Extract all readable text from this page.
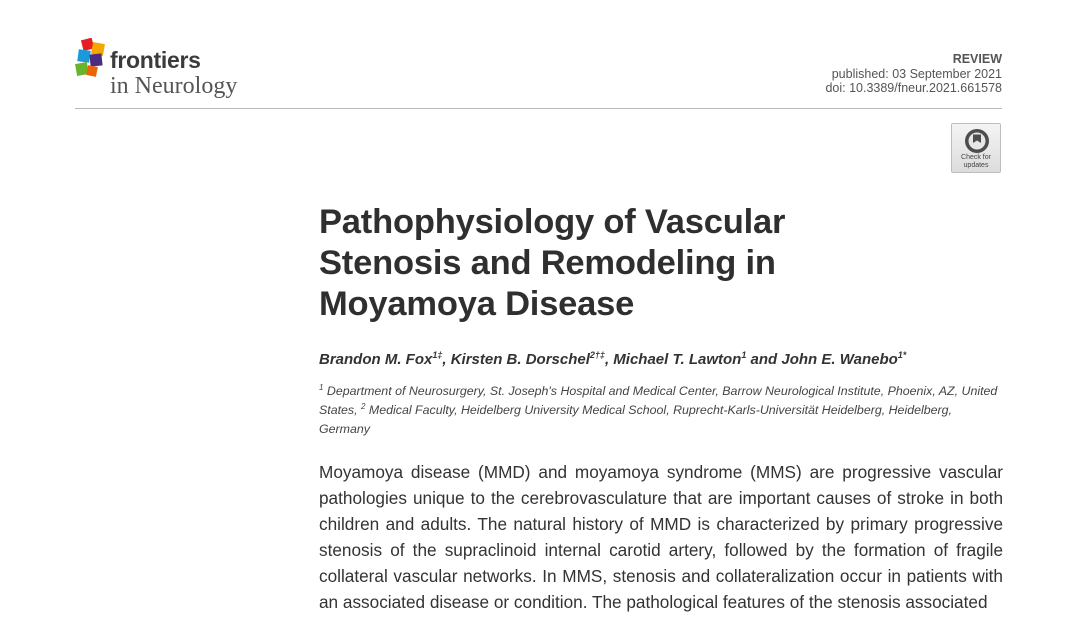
frontiers
in Neurology
REVIEW
published: 03 September 2021
doi: 10.3389/fneur.2021.661578
Check for
updates
Pathophysiology of Vascular
Stenosis and Remodeling in
Moyamoya Disease
Brandon M. Fox$^{1\ddagger}$, Kirsten B. Dorschel$^{2\dagger\ddagger}$, Michael T. Lawton$^1$ and John E. Wanebo$^{1*}$
$^1$ Department of Neurosurgery, St. Joseph's Hospital and Medical Center, Barrow Neurological Institute, Phoenix, AZ, United States, $^2$ Medical Faculty, Heidelberg University Medical School, Ruprecht-Karls-Universität Heidelberg, Heidelberg, Germany

Moyamoya disease (MMD) and moyamoya syndrome (MMS) are progressive vascular pathologies unique to the cerebrovasculature that are important causes of stroke in both children and adults. The natural history of MMD is characterized by primary progressive stenosis of the supraclinoid internal carotid artery, followed by the formation of fragile collateral vascular networks. In MMS, stenosis and collateralization occur in patients with an associated disease or condition. The pathological features of the stenosis associated
